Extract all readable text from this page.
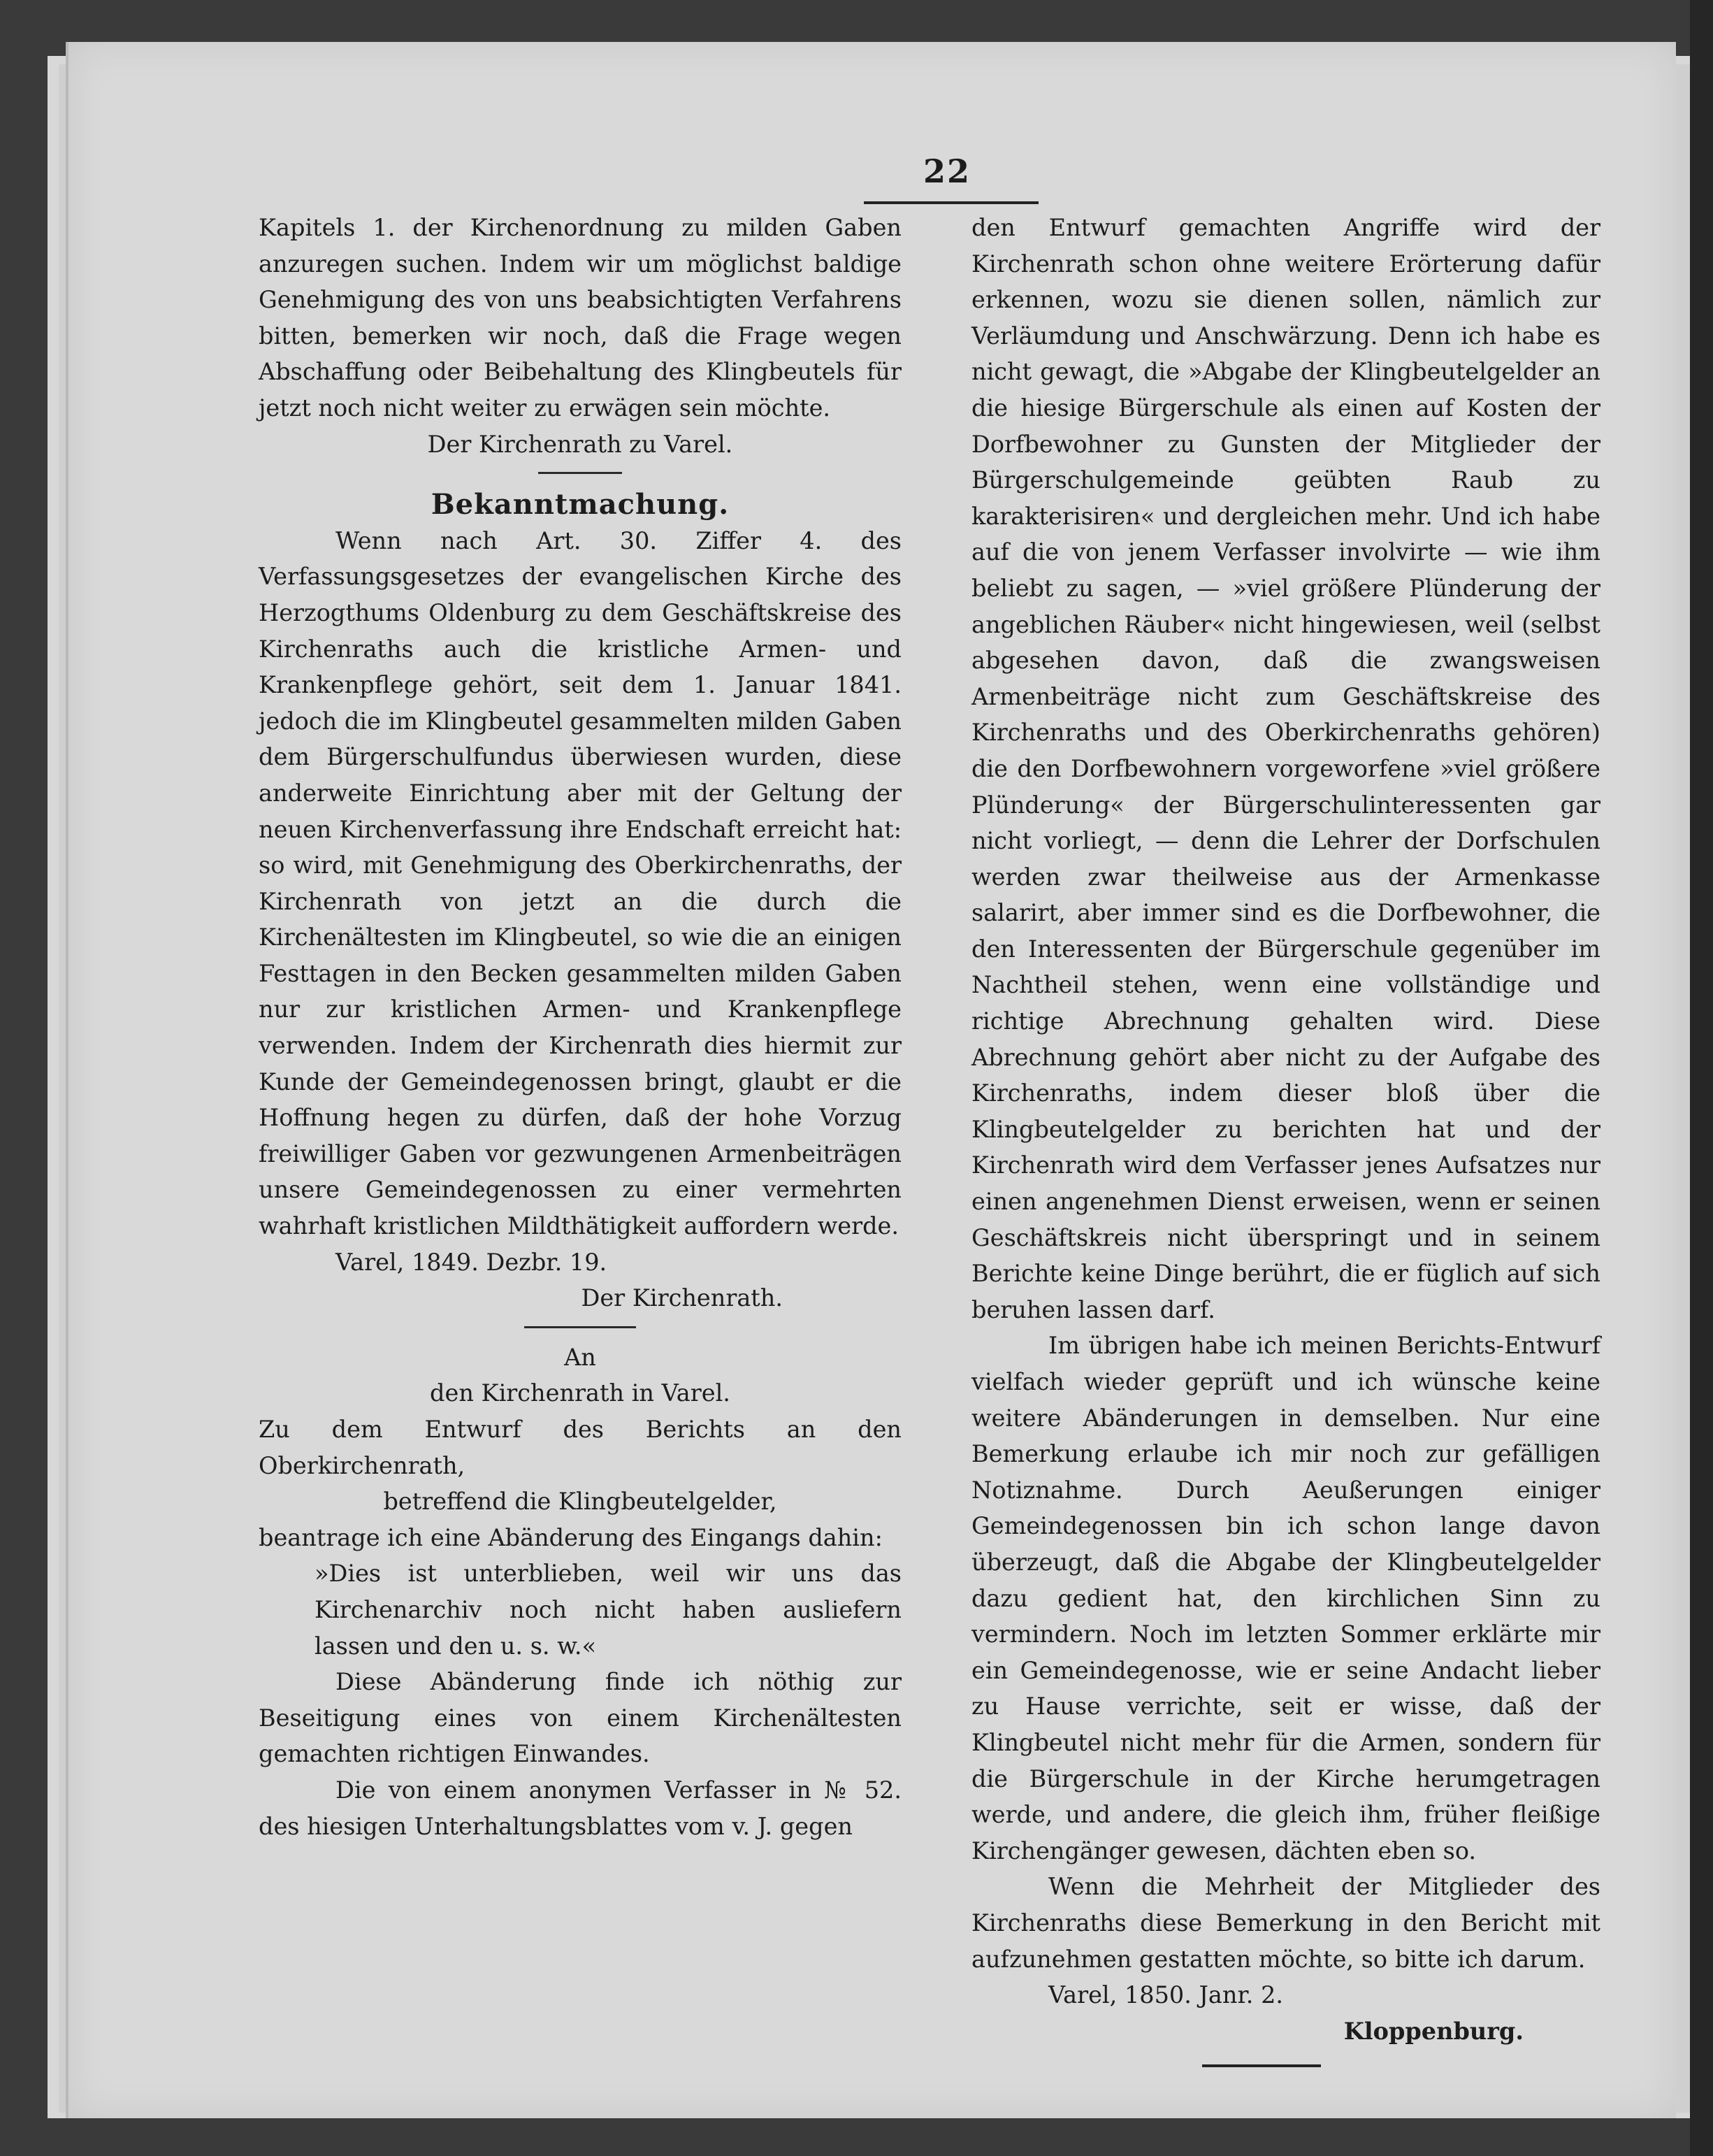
22

Kapitels 1. der Kirchenordnung zu milden Gaben anzuregen suchen. Indem wir um möglichst baldige Genehmigung des von uns beabsichtigten Verfahrens bitten, bemerken wir noch, daß die Frage wegen Abschaffung oder Beibehaltung des Klingbeutels für jetzt noch nicht weiter zu erwägen sein möchte.

Der Kirchenrath zu Varel.

Bekanntmachung.

Wenn nach Art. 30. Ziffer 4. des Verfassungsgesetzes der evangelischen Kirche des Herzogthums Oldenburg zu dem Geschäftskreise des Kirchenraths auch die kristliche Armen- und Krankenpflege gehört, seit dem 1. Januar 1841. jedoch die im Klingbeutel gesammelten milden Gaben dem Bürgerschulfundus überwiesen wurden, diese anderweite Einrichtung aber mit der Geltung der neuen Kirchenverfassung ihre Endschaft erreicht hat: so wird, mit Genehmigung des Oberkirchenraths, der Kirchenrath von jetzt an die durch die Kirchenältesten im Klingbeutel, so wie die an einigen Festtagen in den Becken gesammelten milden Gaben nur zur kristlichen Armen- und Krankenpflege verwenden. Indem der Kirchenrath dies hiermit zur Kunde der Gemeindegenossen bringt, glaubt er die Hoffnung hegen zu dürfen, daß der hohe Vorzug freiwilliger Gaben vor gezwungenen Armenbeiträgen unsere Gemeindegenossen zu einer vermehrten wahrhaft kristlichen Mildthätigkeit auffordern werde.

Varel, 1849. Dezbr. 19.

Der Kirchenrath.

An

den Kirchenrath in Varel.

Zu dem Entwurf des Berichts an den Oberkirchenrath,

betreffend die Klingbeutelgelder,

beantrage ich eine Abänderung des Eingangs dahin:

»Dies ist unterblieben, weil wir uns das Kirchenarchiv noch nicht haben ausliefern lassen und den u. s. w.«

Diese Abänderung finde ich nöthig zur Beseitigung eines von einem Kirchenältesten gemachten richtigen Einwandes.

Die von einem anonymen Verfasser in № 52. des hiesigen Unterhaltungsblattes vom v. J. gegen

den Entwurf gemachten Angriffe wird der Kirchenrath schon ohne weitere Erörterung dafür erkennen, wozu sie dienen sollen, nämlich zur Verläumdung und Anschwärzung. Denn ich habe es nicht gewagt, die »Abgabe der Klingbeutelgelder an die hiesige Bürgerschule als einen auf Kosten der Dorfbewohner zu Gunsten der Mitglieder der Bürgerschulgemeinde geübten Raub zu karakterisiren« und dergleichen mehr. Und ich habe auf die von jenem Verfasser involvirte — wie ihm beliebt zu sagen, — »viel größere Plünderung der angeblichen Räuber« nicht hingewiesen, weil (selbst abgesehen davon, daß die zwangsweisen Armenbeiträge nicht zum Geschäftskreise des Kirchenraths und des Oberkirchenraths gehören) die den Dorfbewohnern vorgeworfene »viel größere Plünderung« der Bürgerschulinteressenten gar nicht vorliegt, — denn die Lehrer der Dorfschulen werden zwar theilweise aus der Armenkasse salarirt, aber immer sind es die Dorfbewohner, die den Interessenten der Bürgerschule gegenüber im Nachtheil stehen, wenn eine vollständige und richtige Abrechnung gehalten wird. Diese Abrechnung gehört aber nicht zu der Aufgabe des Kirchenraths, indem dieser bloß über die Klingbeutelgelder zu berichten hat und der Kirchenrath wird dem Verfasser jenes Aufsatzes nur einen angenehmen Dienst erweisen, wenn er seinen Geschäftskreis nicht überspringt und in seinem Berichte keine Dinge berührt, die er füglich auf sich beruhen lassen darf.

Im übrigen habe ich meinen Berichts-Entwurf vielfach wieder geprüft und ich wünsche keine weitere Abänderungen in demselben. Nur eine Bemerkung erlaube ich mir noch zur gefälligen Notiznahme. Durch Aeußerungen einiger Gemeindegenossen bin ich schon lange davon überzeugt, daß die Abgabe der Klingbeutelgelder dazu gedient hat, den kirchlichen Sinn zu vermindern. Noch im letzten Sommer erklärte mir ein Gemeindegenosse, wie er seine Andacht lieber zu Hause verrichte, seit er wisse, daß der Klingbeutel nicht mehr für die Armen, sondern für die Bürgerschule in der Kirche herumgetragen werde, und andere, die gleich ihm, früher fleißige Kirchengänger gewesen, dächten eben so.

Wenn die Mehrheit der Mitglieder des Kirchenraths diese Bemerkung in den Bericht mit aufzunehmen gestatten möchte, so bitte ich darum.

Varel, 1850. Janr. 2.

Kloppenburg.
